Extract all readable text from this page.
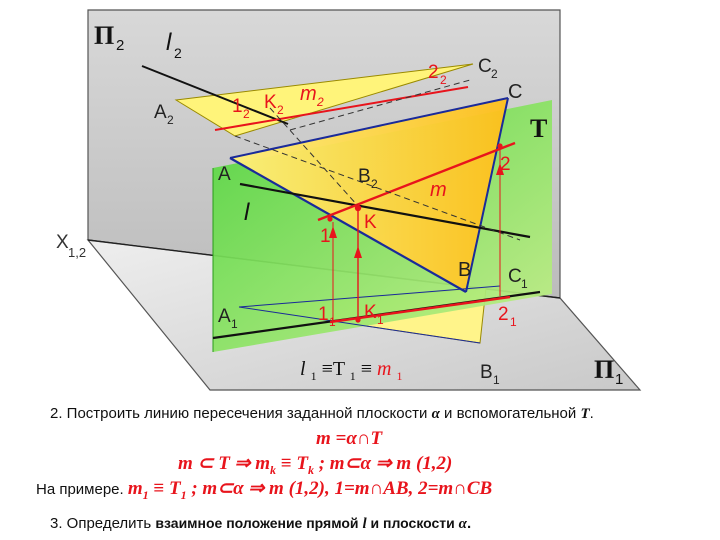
Π 2
Π 1
T
X 1,2
l 2
l
A 2
A
A 1
C 2
C
C 1
B 2
B
B 1
K 2
K
K 1
1 2
1
1 1
2 2
2
2 1
m 2
m
l $_1$ ≡T $_1$ ≡ m $_1$
2. Построить линию пересечения заданной плоскости α и вспомогательной T.
m =α∩T
m ⊂ T ⇒ $m_k \equiv T_k$ ; m⊂α ⇒ m (1,2)
На примере. $m_1 \equiv T_1$ ; m⊂α ⇒ m (1,2), 1=m∩AB, 2=m∩CB
3. Определить взаимное положение прямой l и плоскости α.
